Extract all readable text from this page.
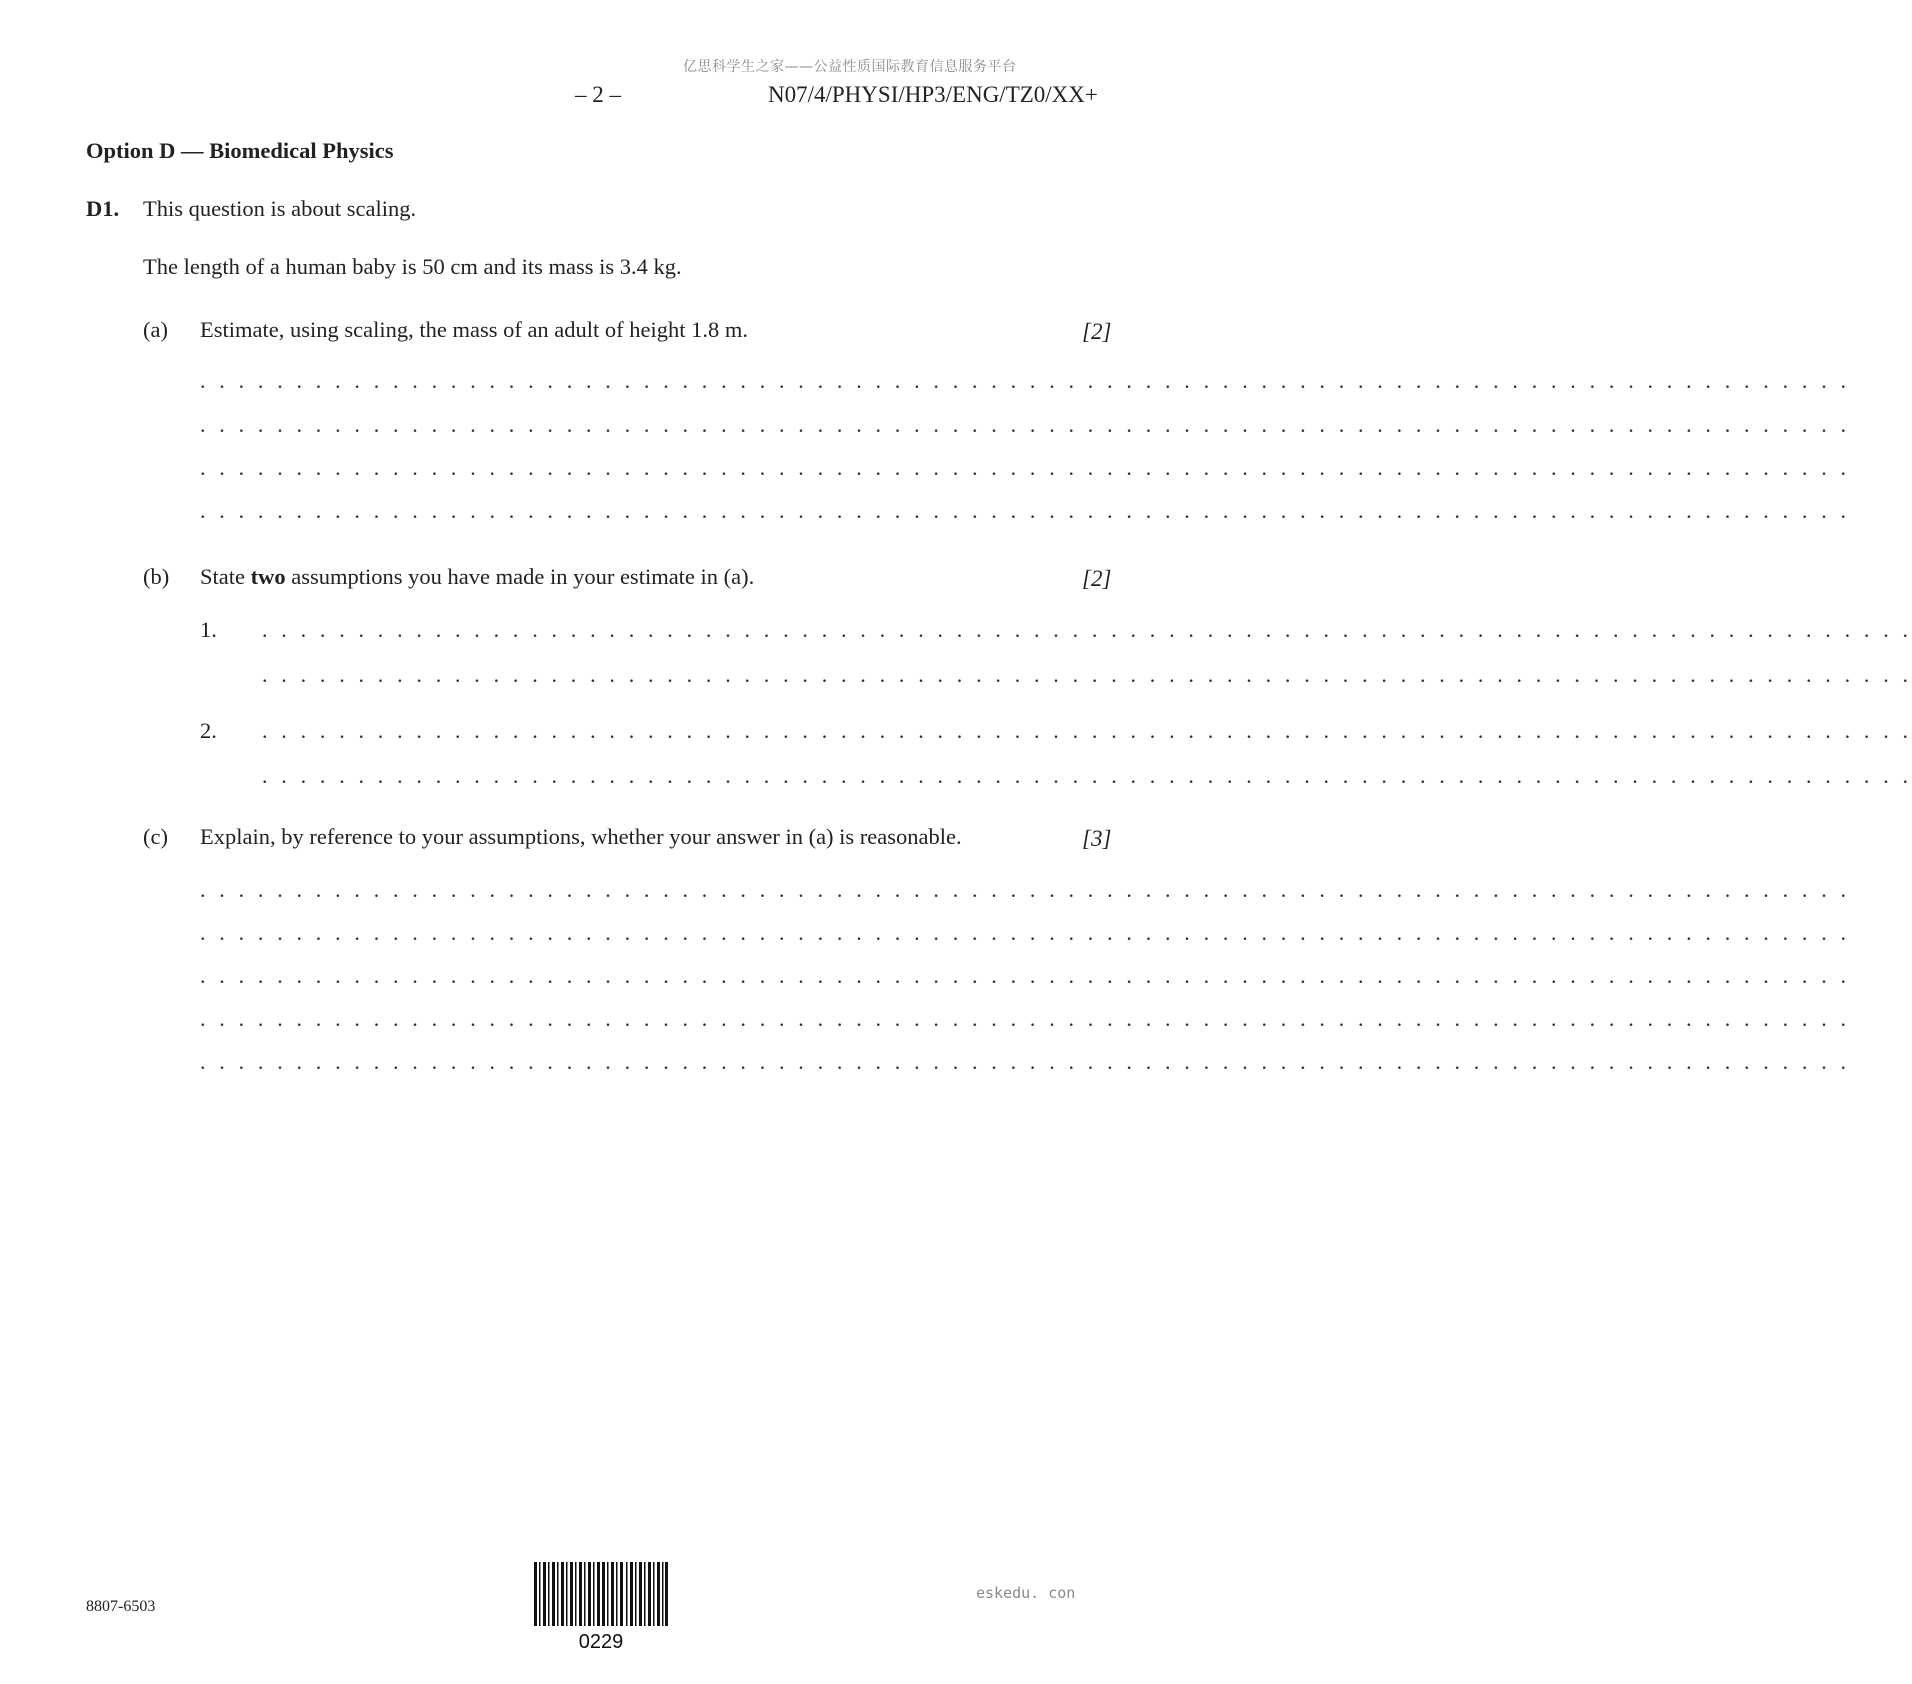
亿思科学生之家——公益性质国际教育信息服务平台
– 2 –	N07/4/PHYSI/HP3/ENG/TZ0/XX+
Option D — Biomedical Physics
D1. This question is about scaling.
The length of a human baby is 50 cm and its mass is 3.4 kg.
(a) Estimate, using scaling, the mass of an adult of height 1.8 m.	[2]
. . . . . . . . . . . . . . . . . . . . . . . . . . . . . . . . . . . . . . . . . . . . . . . . . . . . . . . . . . . . . . . . . . . . . . . . . . . . . . . . . . . . . .
. . . . . . . . . . . . . . . . . . . . . . . . . . . . . . . . . . . . . . . . . . . . . . . . . . . . . . . . . . . . . . . . . . . . . . . . . . . . . . . . . . . . . .
. . . . . . . . . . . . . . . . . . . . . . . . . . . . . . . . . . . . . . . . . . . . . . . . . . . . . . . . . . . . . . . . . . . . . . . . . . . . . . . . . . . . . .
. . . . . . . . . . . . . . . . . . . . . . . . . . . . . . . . . . . . . . . . . . . . . . . . . . . . . . . . . . . . . . . . . . . . . . . . . . . . . . . . . . . . . .
(b) State two assumptions you have made in your estimate in (a).	[2]
1. . . . . . . . . . . . . . . . . . . . . . . . . . . . . . . . . . . . . . . . . . . . . . . . . . . . . . . . . . . . . . . . . . . . . . . . . . . . . . . . . . . . . . .
. . . . . . . . . . . . . . . . . . . . . . . . . . . . . . . . . . . . . . . . . . . . . . . . . . . . . . . . . . . . . . . . . . . . . . . . . . . . . . . . . . . . . .
2. . . . . . . . . . . . . . . . . . . . . . . . . . . . . . . . . . . . . . . . . . . . . . . . . . . . . . . . . . . . . . . . . . . . . . . . . . . . . . . . . . . . . . .
. . . . . . . . . . . . . . . . . . . . . . . . . . . . . . . . . . . . . . . . . . . . . . . . . . . . . . . . . . . . . . . . . . . . . . . . . . . . . . . . . . . . . .
(c) Explain, by reference to your assumptions, whether your answer in (a) is reasonable.	[3]
. . . . . . . . . . . . . . . . . . . . . . . . . . . . . . . . . . . . . . . . . . . . . . . . . . . . . . . . . . . . . . . . . . . . . . . . . . . . . . . . . . . . . .
. . . . . . . . . . . . . . . . . . . . . . . . . . . . . . . . . . . . . . . . . . . . . . . . . . . . . . . . . . . . . . . . . . . . . . . . . . . . . . . . . . . . . .
. . . . . . . . . . . . . . . . . . . . . . . . . . . . . . . . . . . . . . . . . . . . . . . . . . . . . . . . . . . . . . . . . . . . . . . . . . . . . . . . . . . . . .
. . . . . . . . . . . . . . . . . . . . . . . . . . . . . . . . . . . . . . . . . . . . . . . . . . . . . . . . . . . . . . . . . . . . . . . . . . . . . . . . . . . . . .
. . . . . . . . . . . . . . . . . . . . . . . . . . . . . . . . . . . . . . . . . . . . . . . . . . . . . . . . . . . . . . . . . . . . . . . . . . . . . . . . . . . . . .
8807-6503
0229
eskedu. con
